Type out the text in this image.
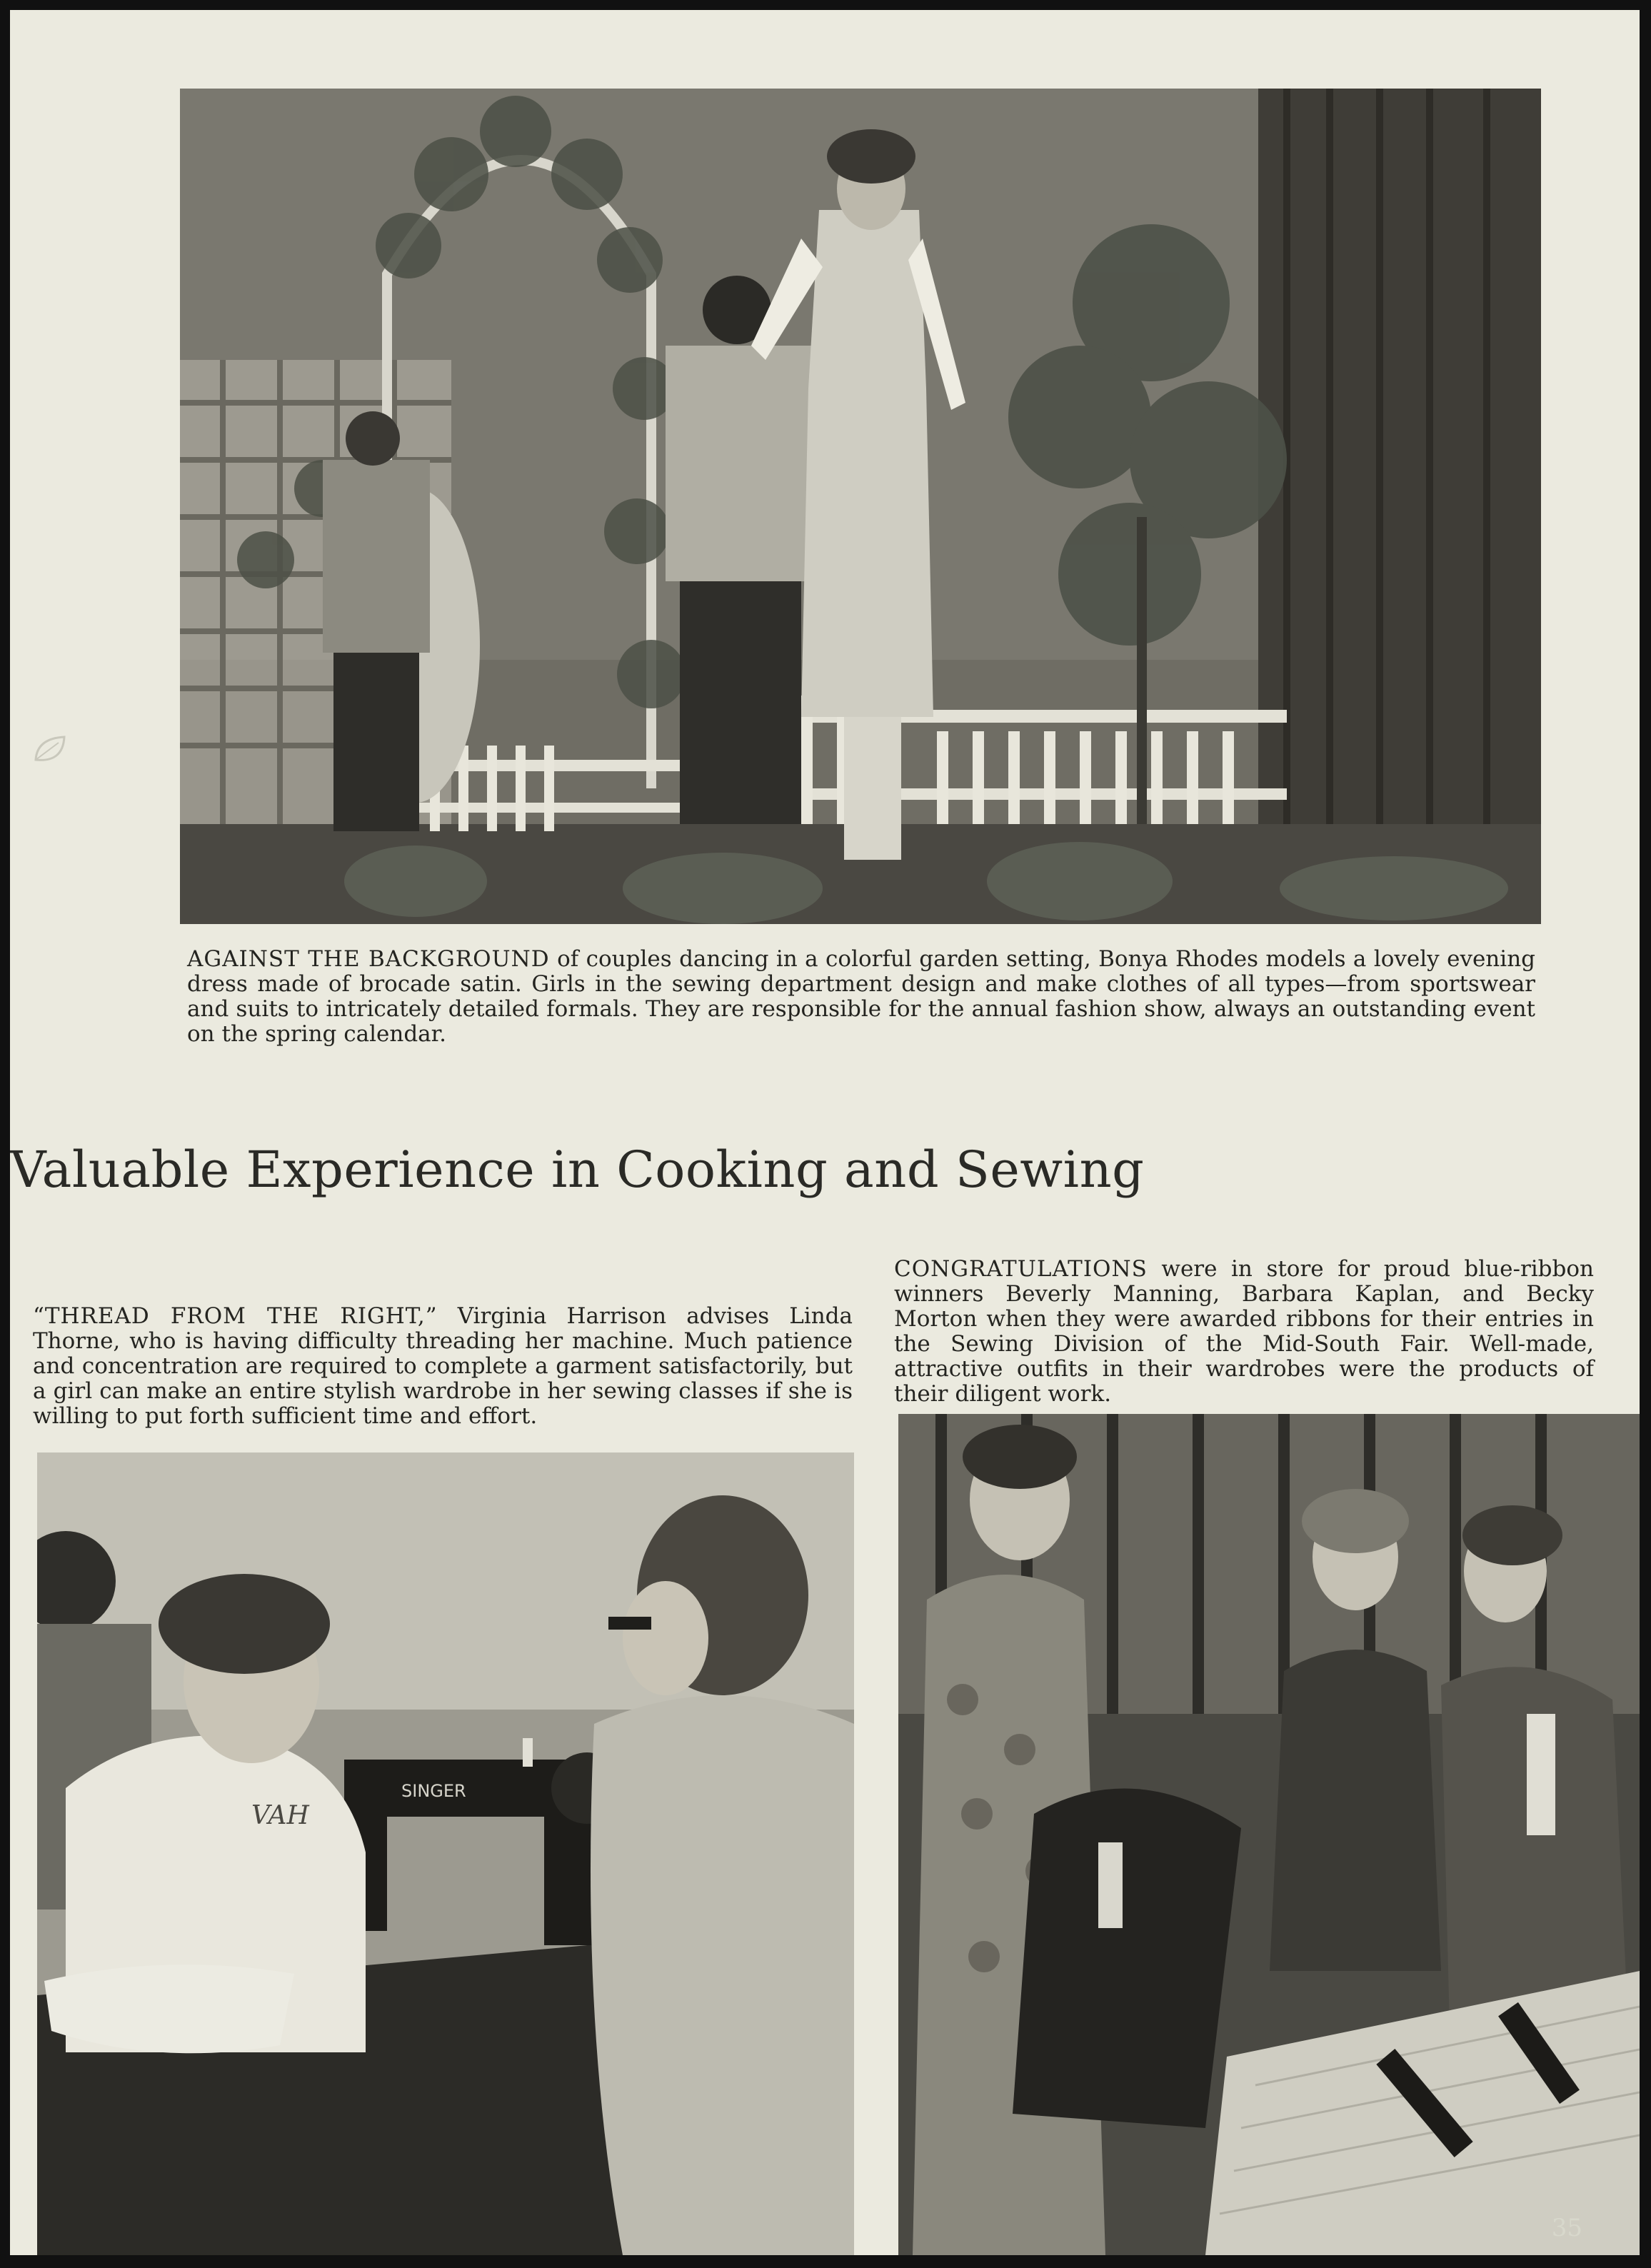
AGAINST THE BACKGROUND of couples dancing in a colorful garden setting, Bonya Rhodes models a lovely evening dress made of brocade satin. Girls in the sewing department design and make clothes of all types—from sportswear and suits to intricately detailed formals. They are responsible for the annual fashion show, always an outstanding event on the spring calendar.

Valuable Experience in Cooking and Sewing

“THREAD FROM THE RIGHT,” Virginia Harrison advises Linda Thorne, who is having difficulty threading her machine. Much patience and concentration are required to complete a garment satisfactorily, but a girl can make an entire stylish wardrobe in her sewing classes if she is willing to put forth sufficient time and effort.

CONGRATULATIONS were in store for proud blue-ribbon winners Beverly Manning, Barbara Kaplan, and Becky Morton when they were awarded ribbons for their entries in the Sewing Division of the Mid-South Fair. Well-made, attractive outfits in their wardrobes were the products of their diligent work.

SINGER
VAH
35
